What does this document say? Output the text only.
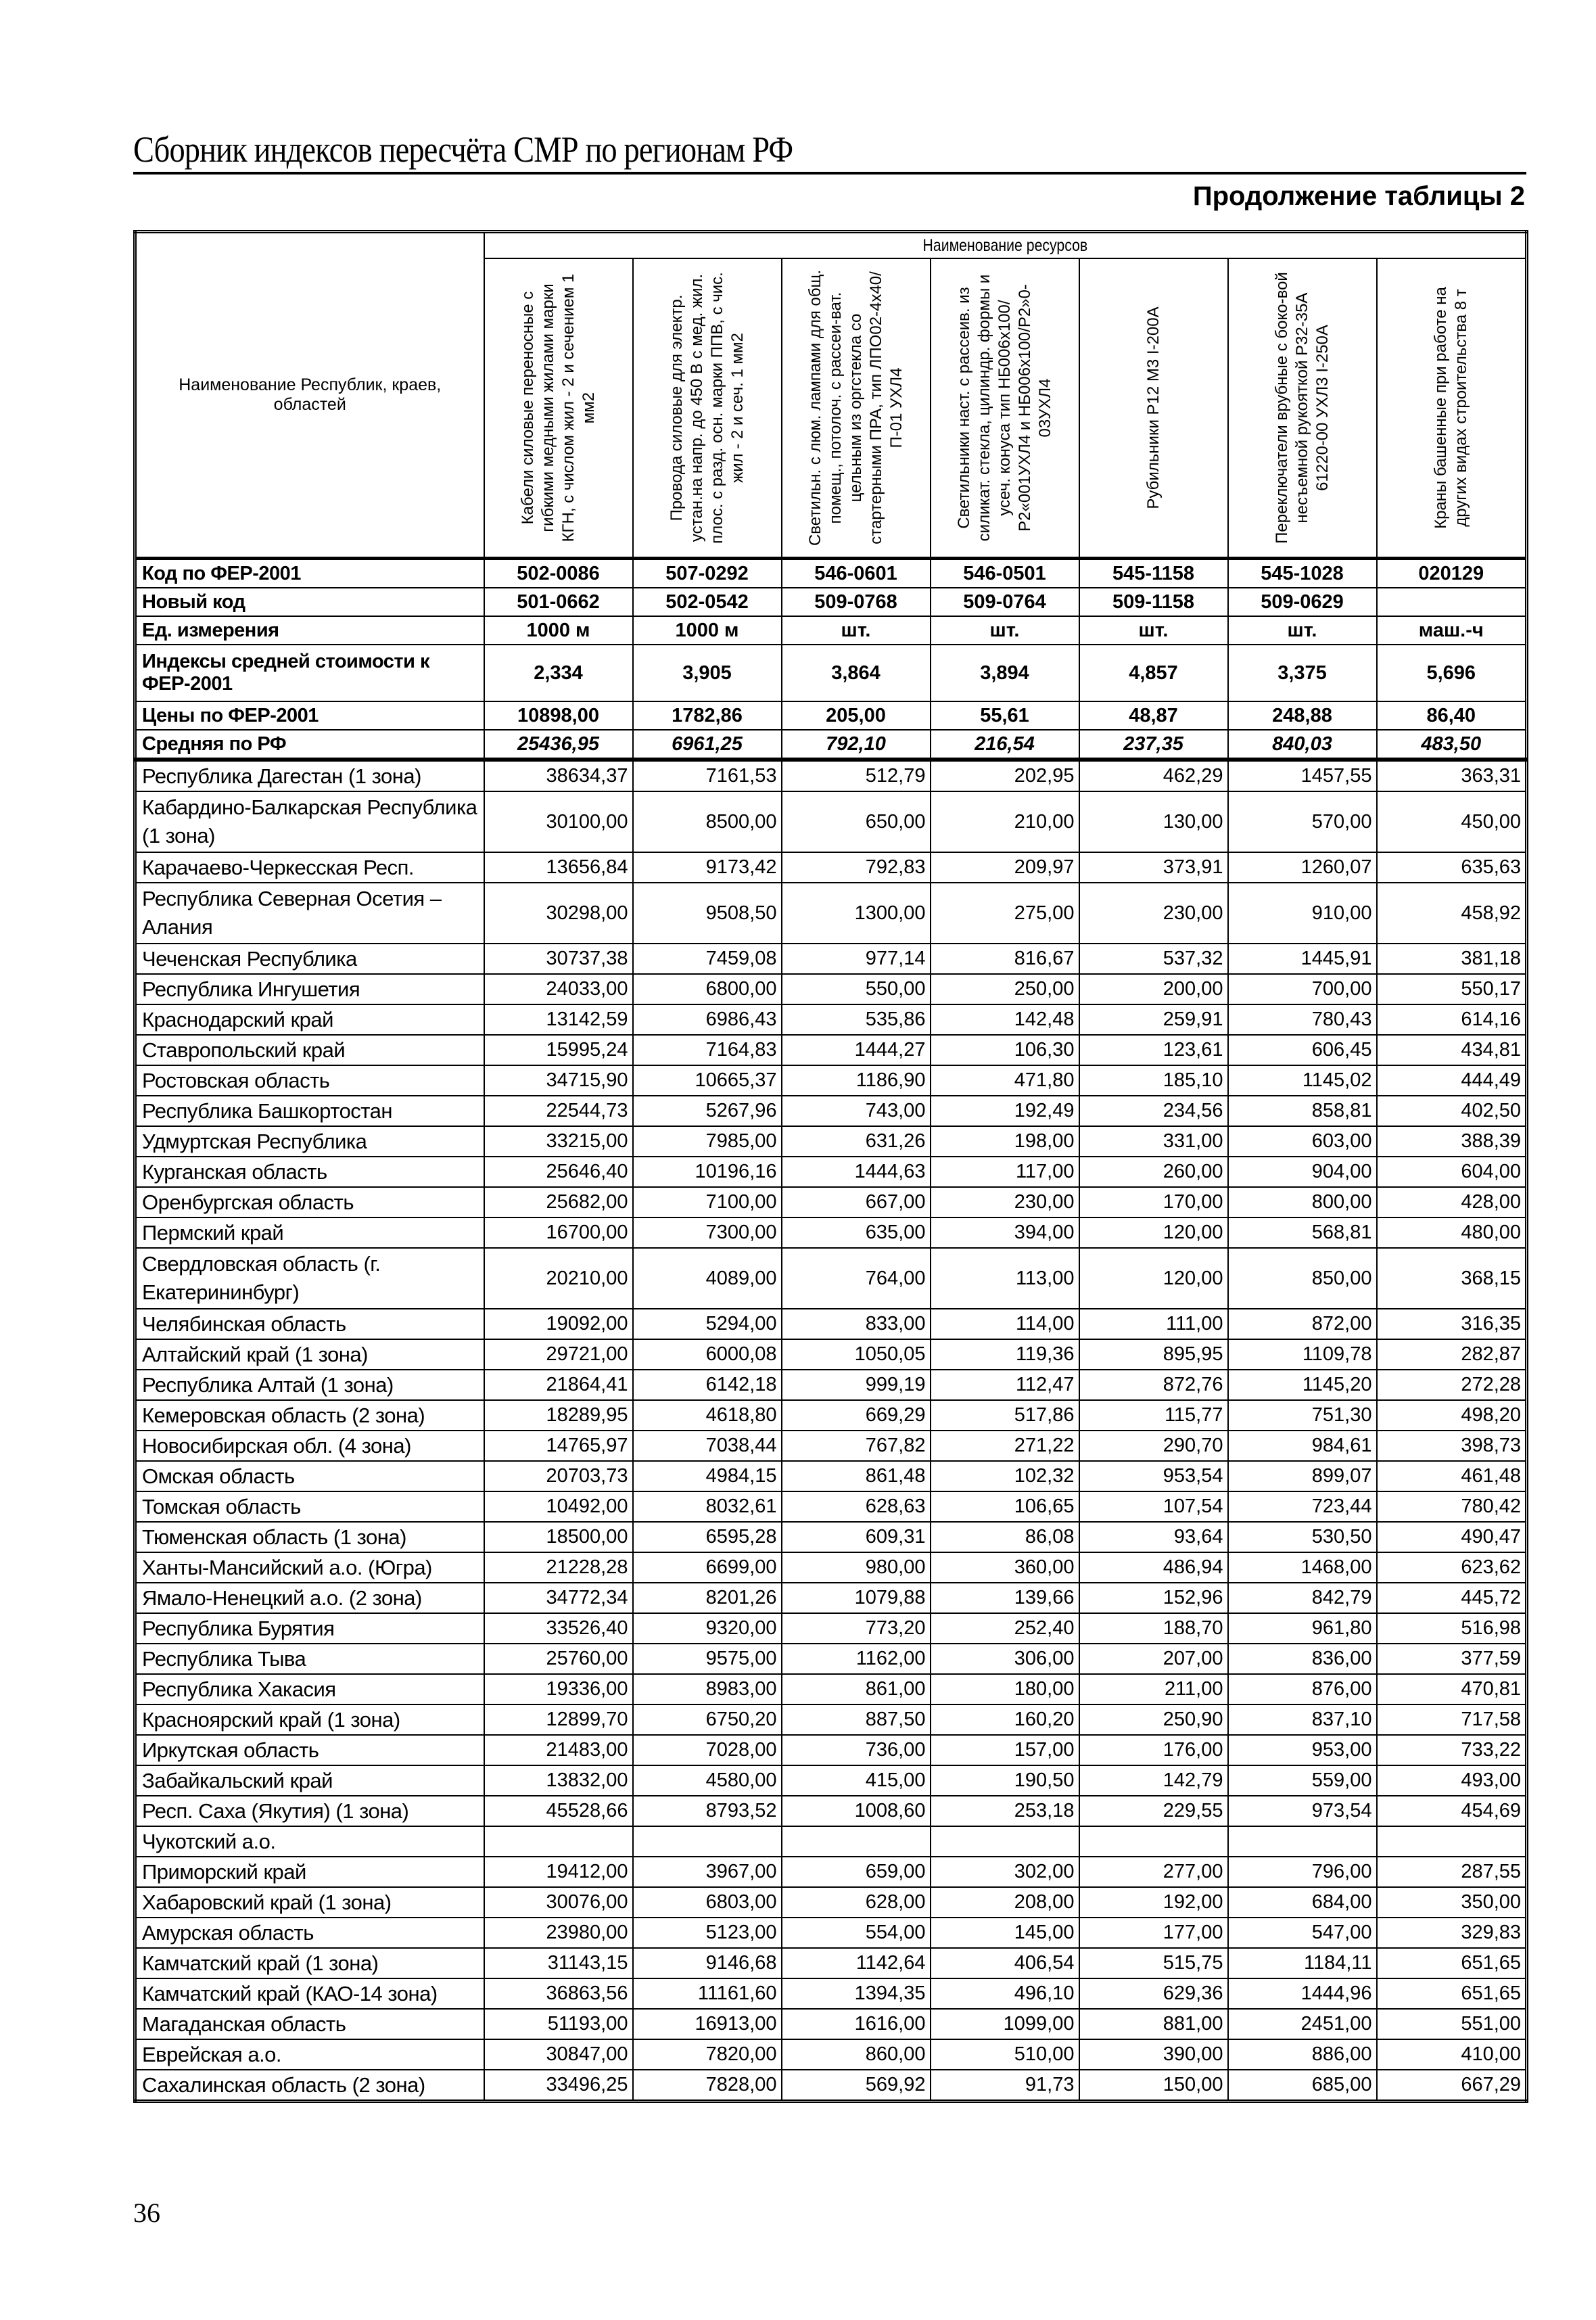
Сборник индексов пересчёта СМР по регионам РФ
Продолжение таблицы 2
Наименование Республик, краев, областей	Наименование ресурсов						

	Кабели силовые переносные с гибкими медными жилами марки КГН, с числом жил - 2 и сечением 1 мм2	Провода силовые для электр. устан.на напр. до 450 В с мед. жил. плос. с разд. осн. марки ППВ, с чис. жил - 2 и сеч. 1 мм2	Светильн. с люм. лампами для общ. помещ., потолоч. с рассеи-ват. цельным из оргстекла со стартерными ПРА, тип ЛПО02-4х40/П-01 УХЛ4	Светильники наст. с рассеив. из силикат. стекла, цилиндр. формы и усеч. конуса тип НБ006х100/Р2«001УХЛ4 и НБ006х100/Р2»0-03УХЛ4	Рубильники Р12 М3 I-200А	Переключатели врубные с боко-вой несъемной рукояткой Р32-35А 61220-00 УХЛ3 I-250А	Краны башенные при работе на других видах строительства 8 т

Код по ФЕР-2001	502-0086	507-0292	546-0601	546-0501	545-1158	545-1028	020129
Новый код	501-0662	502-0542	509-0768	509-0764	509-1158	509-0629	
Ед. измерения	1000 м	1000 м	шт.	шт.	шт.	шт.	маш.-ч
Индексы средней стоимости к ФЕР-2001	2,334	3,905	3,864	3,894	4,857	3,375	5,696
Цены по ФЕР-2001	10898,00	1782,86	205,00	55,61	48,87	248,88	86,40
Средняя по РФ	25436,95	6961,25	792,10	216,54	237,35	840,03	483,50
Республика Дагестан (1 зона)	38634,37	7161,53	512,79	202,95	462,29	1457,55	363,31
Кабардино-Балкарская Республика (1 зона)	30100,00	8500,00	650,00	210,00	130,00	570,00	450,00
Карачаево-Черкесская Респ.	13656,84	9173,42	792,83	209,97	373,91	1260,07	635,63
Республика Северная Осетия – Алания	30298,00	9508,50	1300,00	275,00	230,00	910,00	458,92
Чеченская Республика	30737,38	7459,08	977,14	816,67	537,32	1445,91	381,18
Республика Ингушетия	24033,00	6800,00	550,00	250,00	200,00	700,00	550,17
Краснодарский край	13142,59	6986,43	535,86	142,48	259,91	780,43	614,16
Ставропольский край	15995,24	7164,83	1444,27	106,30	123,61	606,45	434,81
Ростовская область	34715,90	10665,37	1186,90	471,80	185,10	1145,02	444,49
Республика Башкортостан	22544,73	5267,96	743,00	192,49	234,56	858,81	402,50
Удмуртская Республика	33215,00	7985,00	631,26	198,00	331,00	603,00	388,39
Курганская область	25646,40	10196,16	1444,63	117,00	260,00	904,00	604,00
Оренбургская область	25682,00	7100,00	667,00	230,00	170,00	800,00	428,00
Пермский край	16700,00	7300,00	635,00	394,00	120,00	568,81	480,00
Свердловская область (г. Екатерининбург)	20210,00	4089,00	764,00	113,00	120,00	850,00	368,15
Челябинская область	19092,00	5294,00	833,00	114,00	111,00	872,00	316,35
Алтайский край (1 зона)	29721,00	6000,08	1050,05	119,36	895,95	1109,78	282,87
Республика Алтай (1 зона)	21864,41	6142,18	999,19	112,47	872,76	1145,20	272,28
Кемеровская область (2 зона)	18289,95	4618,80	669,29	517,86	115,77	751,30	498,20
Новосибирская обл. (4 зона)	14765,97	7038,44	767,82	271,22	290,70	984,61	398,73
Омская область	20703,73	4984,15	861,48	102,32	953,54	899,07	461,48
Томская область	10492,00	8032,61	628,63	106,65	107,54	723,44	780,42
Тюменская область (1 зона)	18500,00	6595,28	609,31	86,08	93,64	530,50	490,47
Ханты-Мансийский а.о. (Югра)	21228,28	6699,00	980,00	360,00	486,94	1468,00	623,62
Ямало-Ненецкий а.о. (2 зона)	34772,34	8201,26	1079,88	139,66	152,96	842,79	445,72
Республика Бурятия	33526,40	9320,00	773,20	252,40	188,70	961,80	516,98
Республика Тыва	25760,00	9575,00	1162,00	306,00	207,00	836,00	377,59
Республика Хакасия	19336,00	8983,00	861,00	180,00	211,00	876,00	470,81
Красноярский край (1 зона)	12899,70	6750,20	887,50	160,20	250,90	837,10	717,58
Иркутская область	21483,00	7028,00	736,00	157,00	176,00	953,00	733,22
Забайкальский край	13832,00	4580,00	415,00	190,50	142,79	559,00	493,00
Респ. Саха (Якутия) (1 зона)	45528,66	8793,52	1008,60	253,18	229,55	973,54	454,69
Чукотский а.о.							
Приморский край	19412,00	3967,00	659,00	302,00	277,00	796,00	287,55
Хабаровский край (1 зона)	30076,00	6803,00	628,00	208,00	192,00	684,00	350,00
Амурская область	23980,00	5123,00	554,00	145,00	177,00	547,00	329,83
Камчатский край (1 зона)	31143,15	9146,68	1142,64	406,54	515,75	1184,11	651,65
Камчатский край (КАО-14 зона)	36863,56	11161,60	1394,35	496,10	629,36	1444,96	651,65
Магаданская область	51193,00	16913,00	1616,00	1099,00	881,00	2451,00	551,00
Еврейская а.о.	30847,00	7820,00	860,00	510,00	390,00	886,00	410,00
Сахалинская область (2 зона)	33496,25	7828,00	569,92	91,73	150,00	685,00	667,29
36
